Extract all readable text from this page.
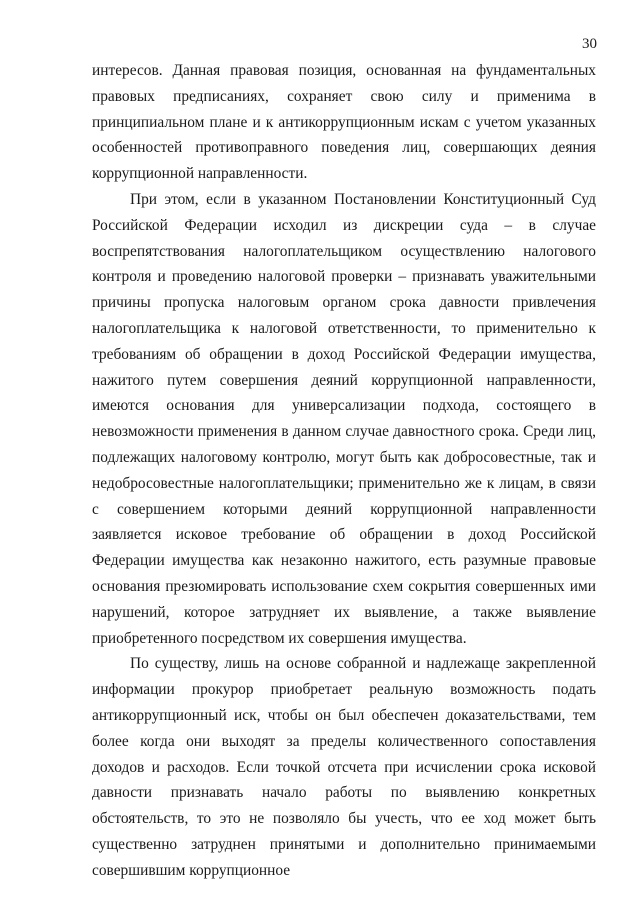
30

интересов. Данная правовая позиция, основанная на фундаментальных правовых предписаниях, сохраняет свою силу и применима в принципиальном плане и к антикоррупционным искам с учетом указанных особенностей противоправного поведения лиц, совершающих деяния коррупционной направленности.

При этом, если в указанном Постановлении Конституционный Суд Российской Федерации исходил из дискреции суда – в случае воспрепятствования налогоплательщиком осуществлению налогового контроля и проведению налоговой проверки – признавать уважительными причины пропуска налоговым органом срока давности привлечения налогоплательщика к налоговой ответственности, то применительно к требованиям об обращении в доход Российской Федерации имущества, нажитого путем совершения деяний коррупционной направленности, имеются основания для универсализации подхода, состоящего в невозможности применения в данном случае давностного срока. Среди лиц, подлежащих налоговому контролю, могут быть как добросовестные, так и недобросовестные налогоплательщики; применительно же к лицам, в связи с совершением которыми деяний коррупционной направленности заявляется исковое требование об обращении в доход Российской Федерации имущества как незаконно нажитого, есть разумные правовые основания презюмировать использование схем сокрытия совершенных ими нарушений, которое затрудняет их выявление, а также выявление приобретенного посредством их совершения имущества.

По существу, лишь на основе собранной и надлежаще закрепленной информации прокурор приобретает реальную возможность подать антикоррупционный иск, чтобы он был обеспечен доказательствами, тем более когда они выходят за пределы количественного сопоставления доходов и расходов. Если точкой отсчета при исчислении срока исковой давности признавать начало работы по выявлению конкретных обстоятельств, то это не позволяло бы учесть, что ее ход может быть существенно затруднен принятыми и дополнительно принимаемыми совершившим коррупционное
